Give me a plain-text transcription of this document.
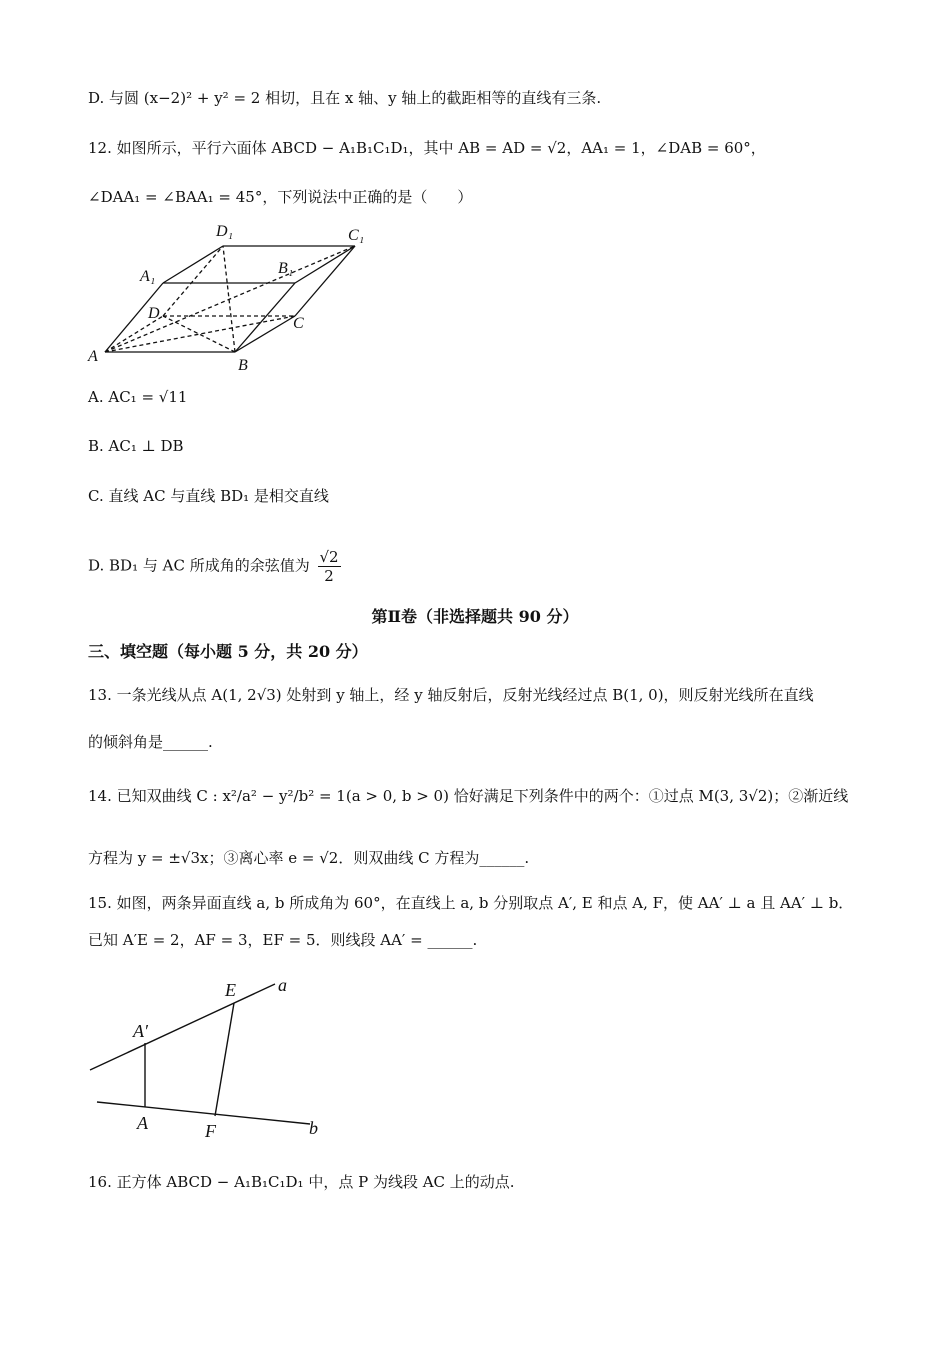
D. 与圆 (x−2)² + y² = 2 相切，且在 x 轴、y 轴上的截距相等的直线有三条.
12. 如图所示，平行六面体 ABCD − A₁B₁C₁D₁，其中 AB = AD = √2，AA₁ = 1，∠DAB = 60°，
∠DAA₁ = ∠BAA₁ = 45°，下列说法中正确的是（　　）
A
B
C
D
A₁	B₁
C₁
D₁
A. AC₁ = √11
B. AC₁ ⊥ DB
C. 直线 AC 与直线 BD₁ 是相交直线
D. BD₁ 与 AC 所成角的余弦值为 $\frac{√2}{2}$
第Ⅱ卷（非选择题共 90 分）
三、填空题（每小题 5 分，共 20 分）
13. 一条光线从点 A(1, 2√3) 处射到 y 轴上，经 y 轴反射后，反射光线经过点 B(1, 0)，则反射光线所在直线
的倾斜角是______.
14. 已知双曲线 C : x²/a² − y²/b² = 1(a > 0, b > 0) 恰好满足下列条件中的两个：①过点 M(3, 3√2)；②渐近线
方程为 y = ±√3x；③离心率 e = √2．则双曲线 C 方程为______.
15. 如图，两条异面直线 a, b 所成角为 60°，在直线上 a, b 分别取点 A′, E 和点 A, F，使 AA′ ⊥ a 且 AA′ ⊥ b．
已知 A′E = 2，AF = 3，EF = 5．则线段 AA′ = ______.
E a
A′
A	F	b
16. 正方体 ABCD − A₁B₁C₁D₁ 中，点 P 为线段 AC 上的动点.
